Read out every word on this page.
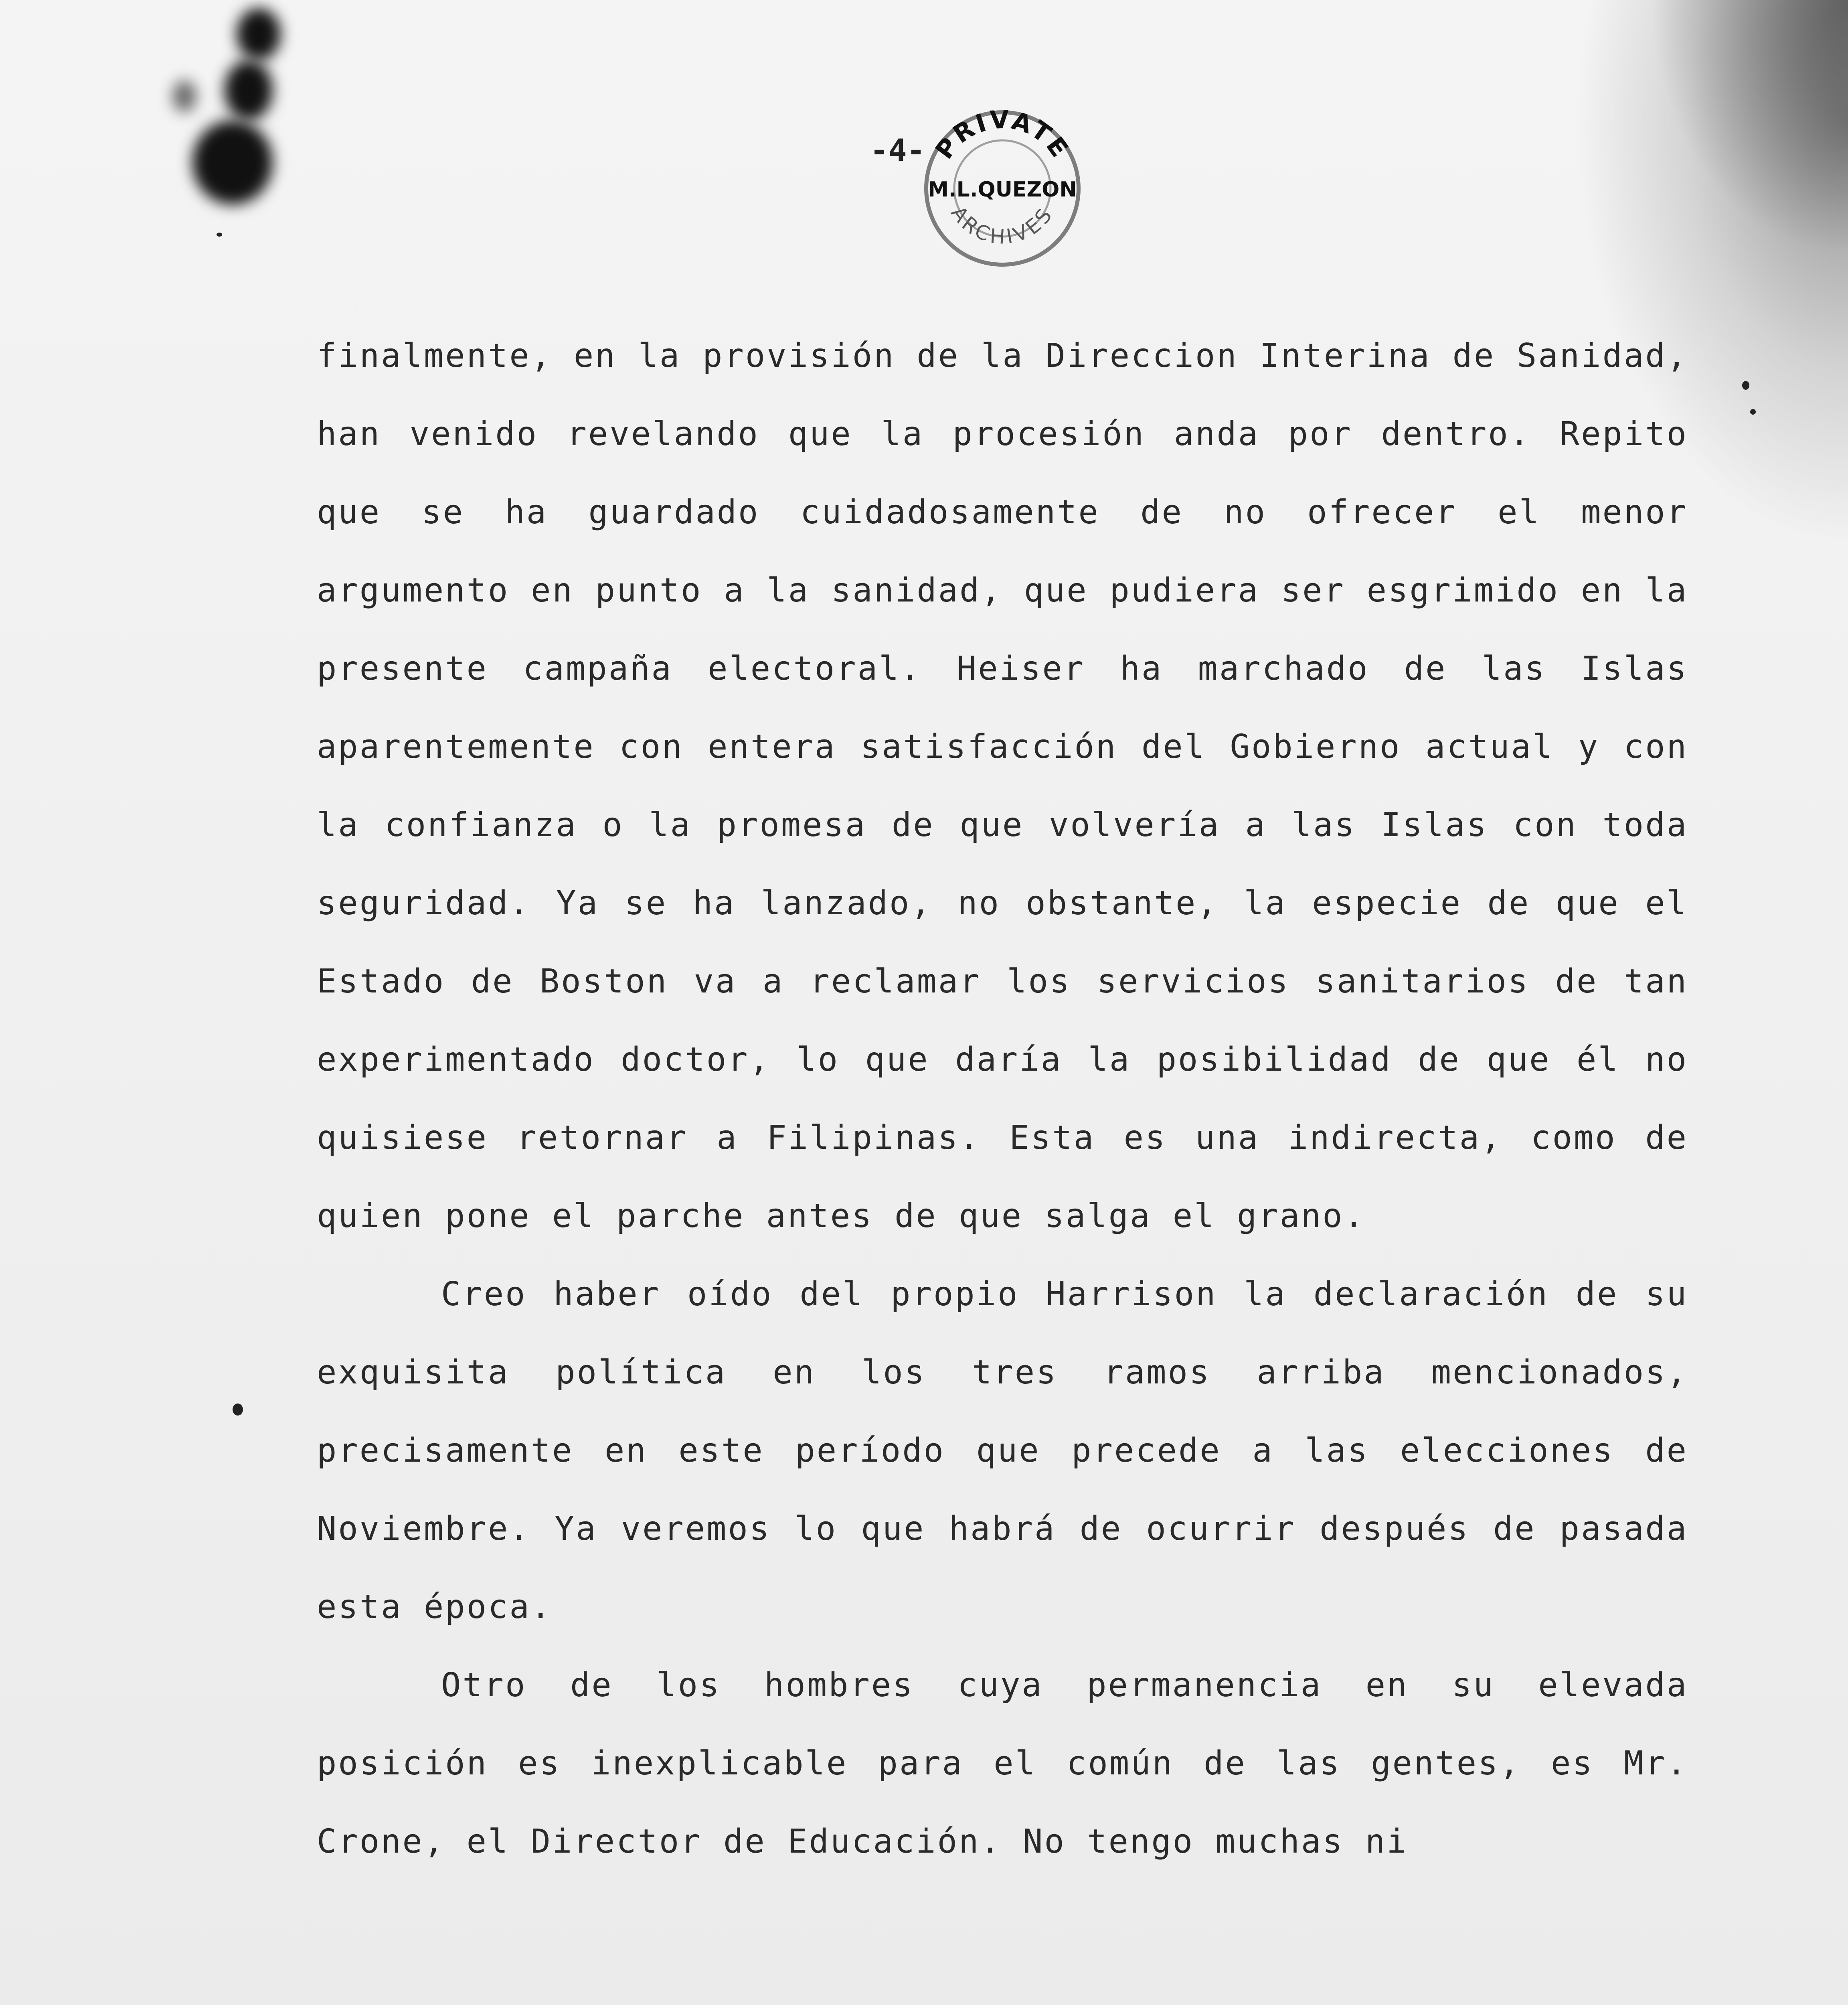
-4- PRIVATE
M.L.QUEZON
ARCHIVES

finalmente, en la provisión de la Direccion Interina de Sanidad, han venido revelando que la procesión anda por dentro. Repito que se ha guardado cuidadosamente de no ofrecer el menor argumento en punto a la sanidad, que pudiera ser esgrimido en la presente campaña electoral. Heiser ha marchado de las Islas aparentemente con entera satisfacción del Gobierno actual y con la confianza o la promesa de que volvería a las Islas con toda seguridad. Ya se ha lanzado, no obstante, la especie de que el Estado de Boston va a reclamar los servicios sanitarios de tan experimentado doctor, lo que daría la posibilidad de que él no quisiese retornar a Filipinas. Esta es una indirecta, como de quien pone el parche antes de que salga el grano.

Creo haber oído del propio Harrison la declaración de su exquisita política en los tres ramos arriba mencionados, precisamente en este período que precede a las elecciones de Noviembre. Ya veremos lo que habrá de ocurrir después de pasada esta época.

Otro de los hombres cuya permanencia en su elevada posición es inexplicable para el común de las gentes, es Mr. Crone, el Director de Educación. No tengo muchas ni
